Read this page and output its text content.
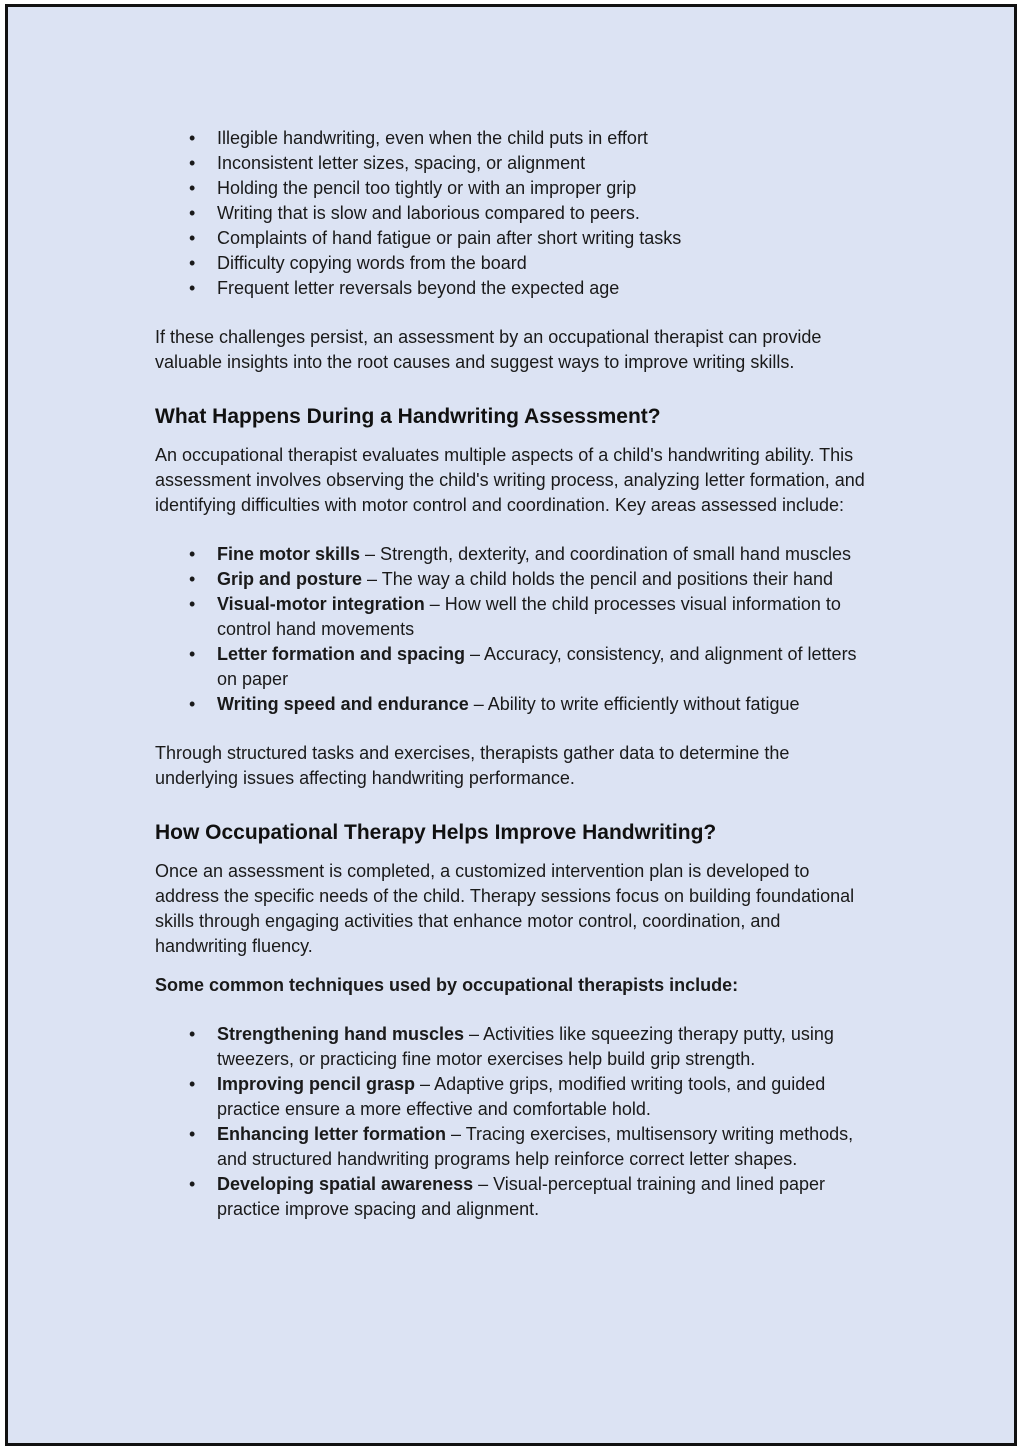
• Illegible handwriting, even when the child puts in effort
• Inconsistent letter sizes, spacing, or alignment
• Holding the pencil too tightly or with an improper grip
• Writing that is slow and laborious compared to peers.
• Complaints of hand fatigue or pain after short writing tasks
• Difficulty copying words from the board
• Frequent letter reversals beyond the expected age

If these challenges persist, an assessment by an occupational therapist can provide valuable insights into the root causes and suggest ways to improve writing skills.

What Happens During a Handwriting Assessment?

An occupational therapist evaluates multiple aspects of a child's handwriting ability. This assessment involves observing the child's writing process, analyzing letter formation, and identifying difficulties with motor control and coordination. Key areas assessed include:

• Fine motor skills – Strength, dexterity, and coordination of small hand muscles
• Grip and posture – The way a child holds the pencil and positions their hand
• Visual-motor integration – How well the child processes visual information to control hand movements
• Letter formation and spacing – Accuracy, consistency, and alignment of letters on paper
• Writing speed and endurance – Ability to write efficiently without fatigue

Through structured tasks and exercises, therapists gather data to determine the underlying issues affecting handwriting performance.

How Occupational Therapy Helps Improve Handwriting?

Once an assessment is completed, a customized intervention plan is developed to address the specific needs of the child. Therapy sessions focus on building foundational skills through engaging activities that enhance motor control, coordination, and handwriting fluency.

Some common techniques used by occupational therapists include:

• Strengthening hand muscles – Activities like squeezing therapy putty, using tweezers, or practicing fine motor exercises help build grip strength.
• Improving pencil grasp – Adaptive grips, modified writing tools, and guided practice ensure a more effective and comfortable hold.
• Enhancing letter formation – Tracing exercises, multisensory writing methods, and structured handwriting programs help reinforce correct letter shapes.
• Developing spatial awareness – Visual-perceptual training and lined paper practice improve spacing and alignment.
